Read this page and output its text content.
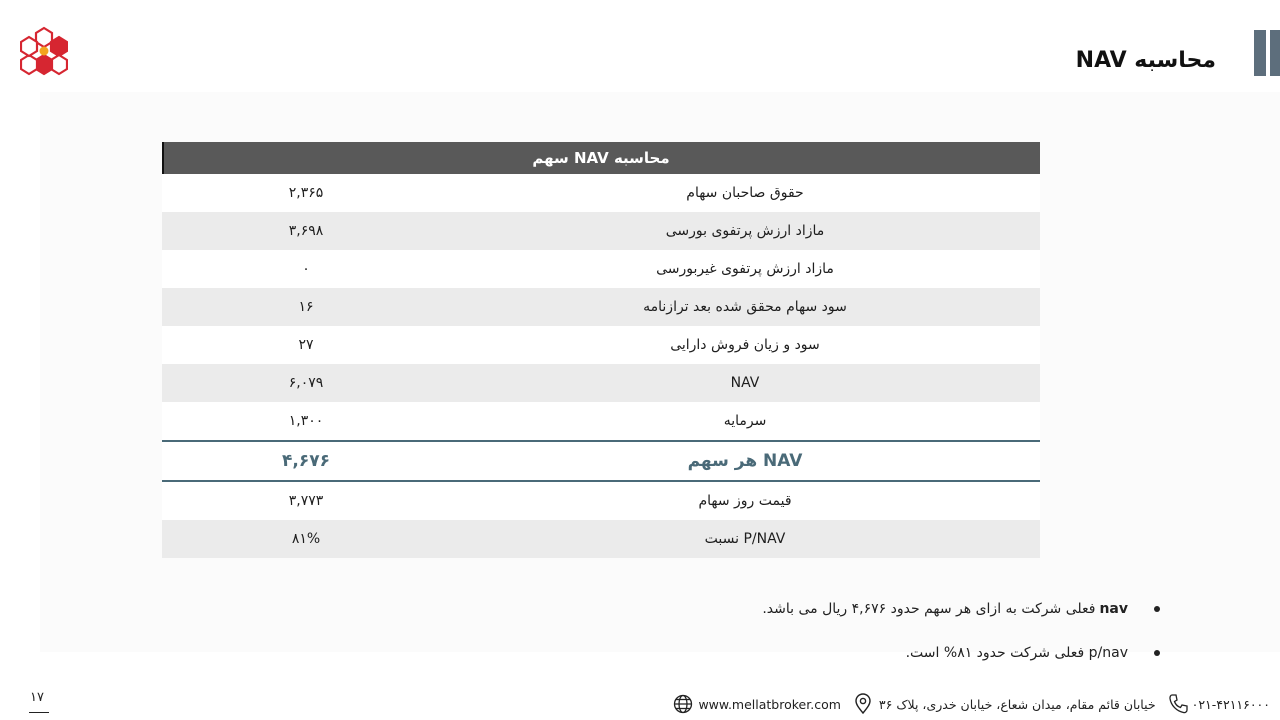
محاسبه NAV
محاسبه NAV سهم	
حقوق صاحبان سهام	۲,۳۶۵
مازاد ارزش پرتفوی بورسی	۳,۶۹۸
مازاد ارزش پرتفوی غیربورسی	۰
سود سهام محقق شده بعد ترازنامه	۱۶
سود و زیان فروش دارایی	۲۷
NAV	۶,۰۷۹
سرمایه	۱,۳۰۰
NAV هر سهم	۴,۶۷۶
قیمت روز سهام	۳,۷۷۳
P/NAV نسبت	۸۱%
nav
فعلی شرکت به ازای هر سهم حدود ۴,۶۷۶ ریال می باشد.
p/nav فعلی شرکت حدود ۸۱% است.
www.mellatbroker.com	خیابان قائم مقام، میدان شعاع، خیابان خدری، پلاک ۳۶	۰۲۱-۴۲۱۱۶۰۰۰
۱۷
